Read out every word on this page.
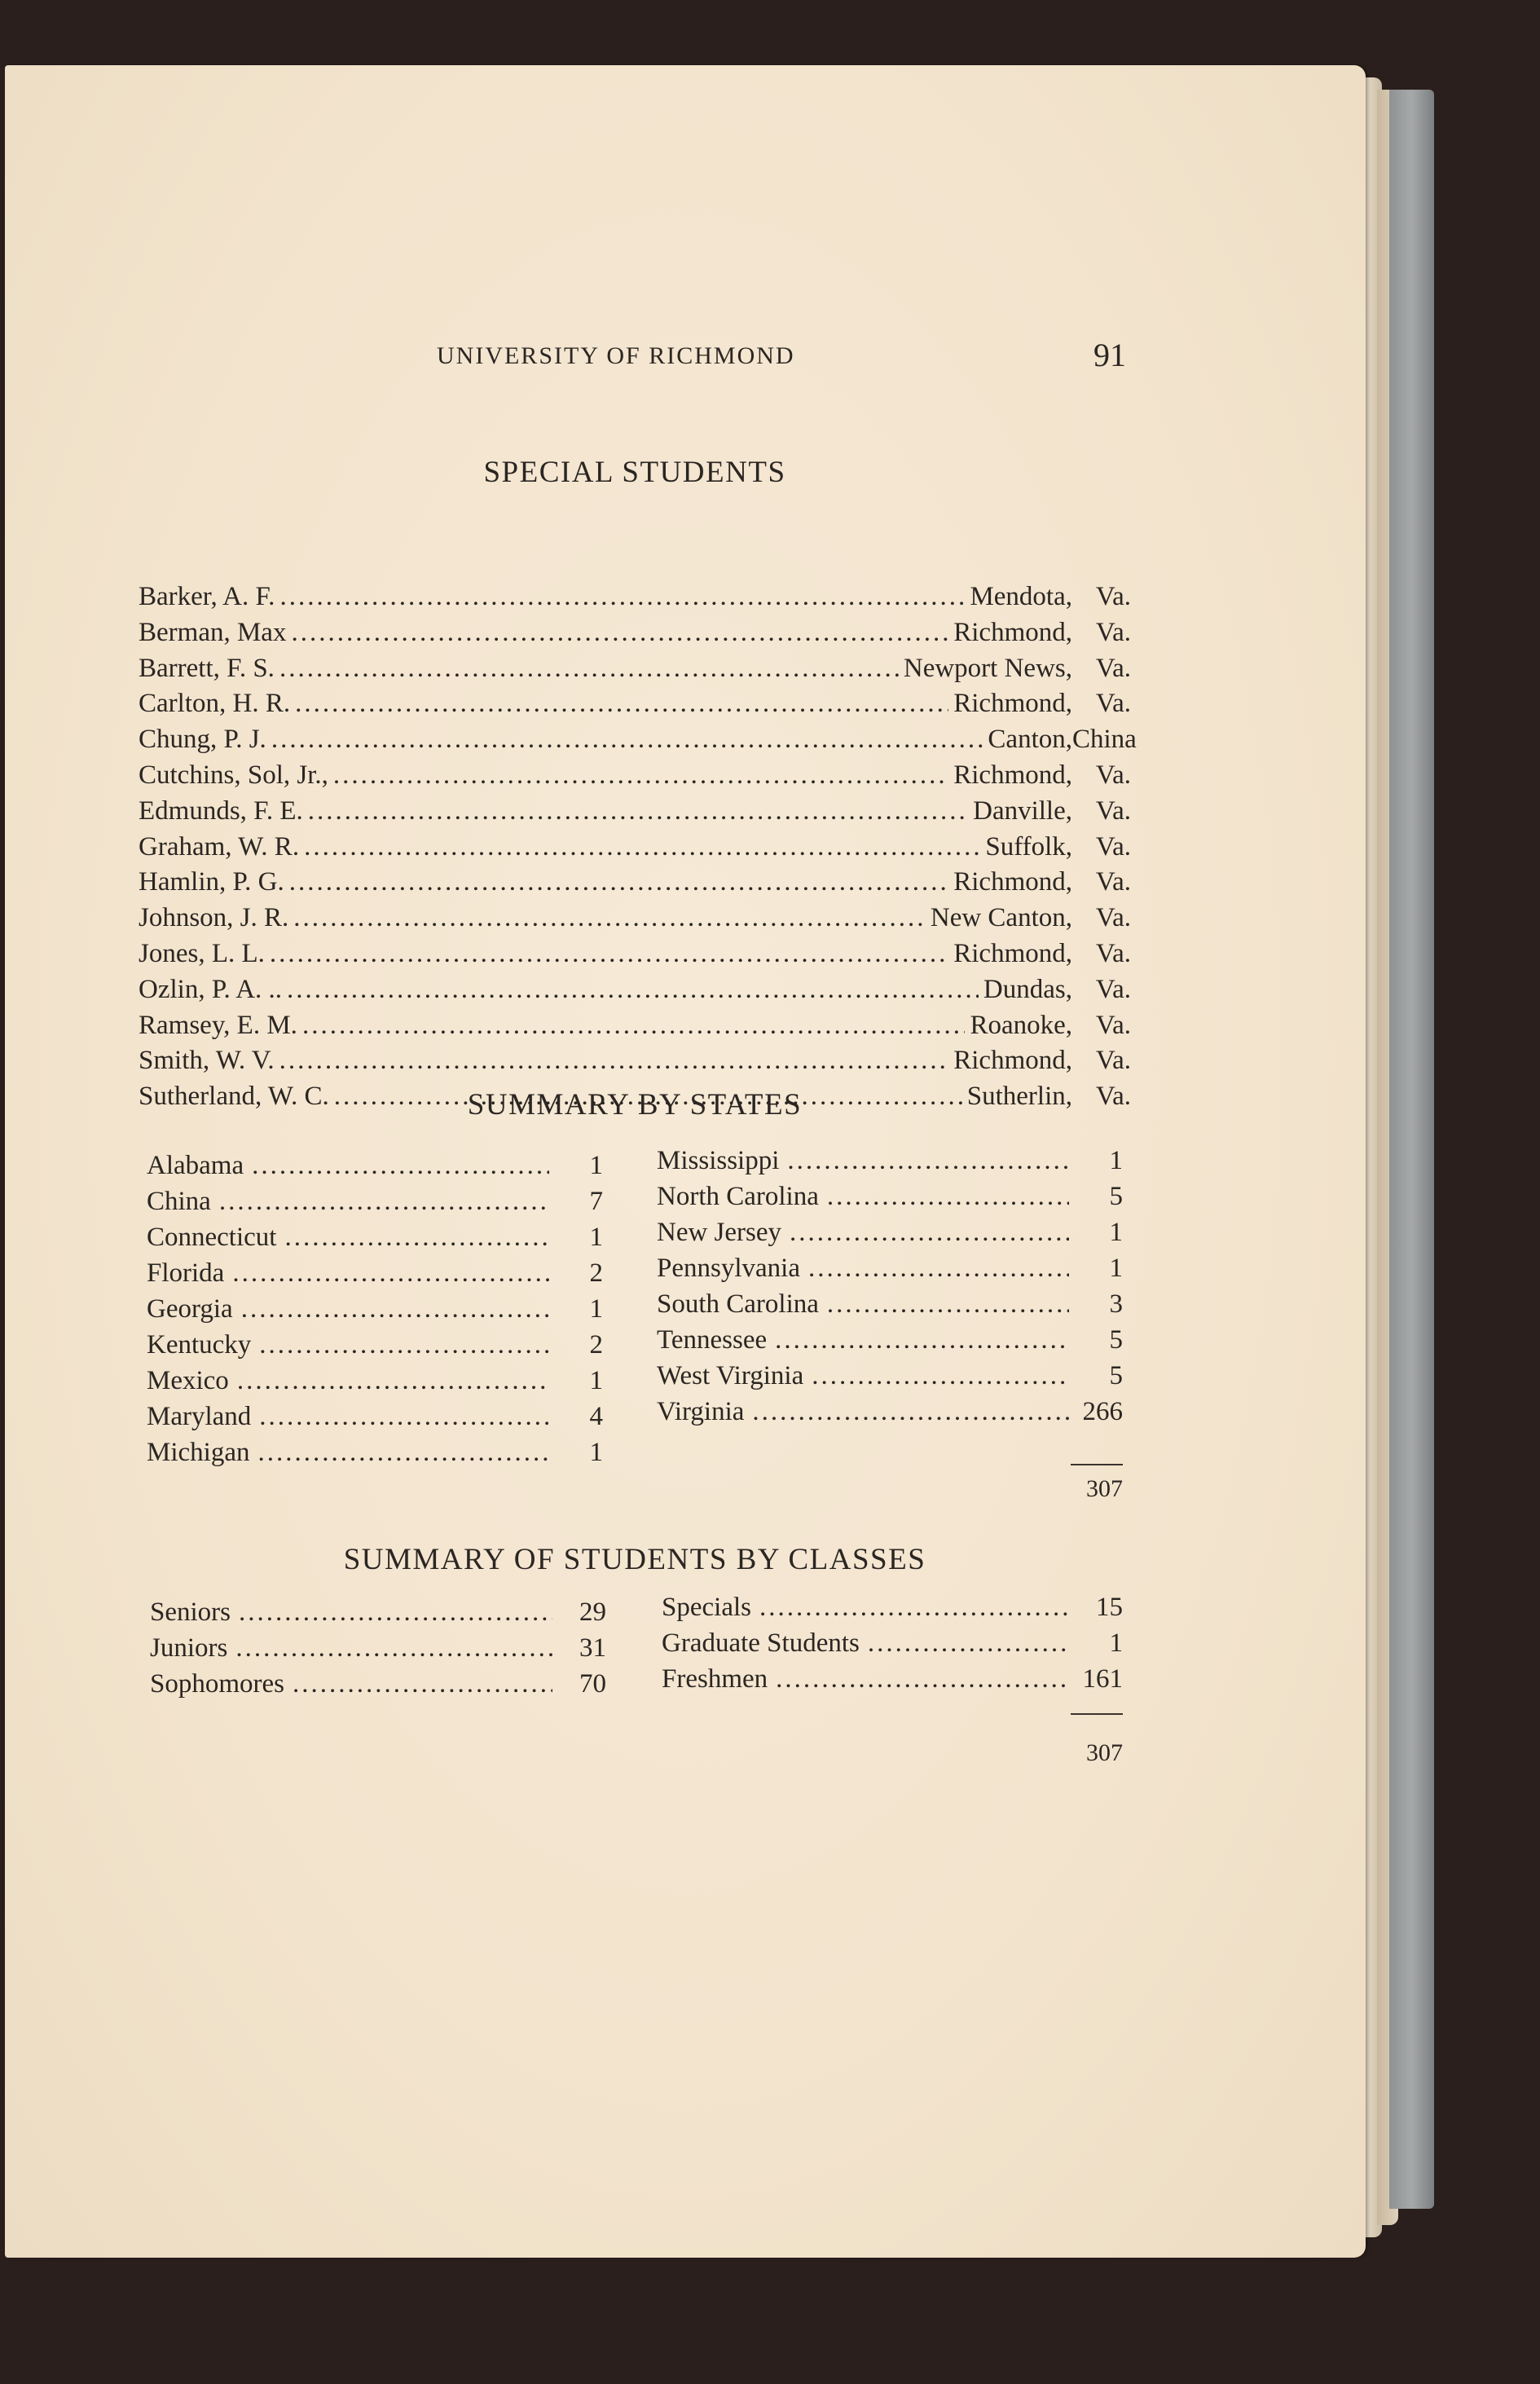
UNIVERSITY OF RICHMOND	91
SPECIAL STUDENTS
Barker, A. F. .....	Mendota, Va.
Berman, Max .....	Richmond, Va.
Barrett, F. S. .....	Newport News, Va.
Carlton, H. R. .....	Richmond, Va.
Chung, P. J. .....	Canton, China
Cutchins, Sol, Jr., .....	Richmond, Va.
Edmunds, F. E. .....	Danville, Va.
Graham, W. R. .....	Suffolk, Va.
Hamlin, P. G. .....	Richmond, Va.
Johnson, J. R. .....	New Canton, Va.
Jones, L. L. .....	Richmond, Va.
Ozlin, P. A. .. .....	Dundas, Va.
Ramsey, E. M. .....	Roanoke, Va.
Smith, W. V. .....	Richmond, Va.
Sutherland, W. C. .....	Sutherlin, Va.
SUMMARY BY STATES
Alabama .....	1
China .....	7
Connecticut .....	1
Florida .....	2
Georgia .....	1
Kentucky .....	2
Mexico .....	1
Maryland .....	4
Michigan .....	1
Mississippi .....	1
North Carolina .....	5
New Jersey .....	1
Pennsylvania .....	1
South Carolina .....	3
Tennessee .....	5
West Virginia .....	5
Virginia .....	266
307
SUMMARY OF STUDENTS BY CLASSES
Seniors .....	29
Juniors .....	31
Sophomores .....	70
Specials .....	15
Graduate Students .....	1
Freshmen .....	161
307
